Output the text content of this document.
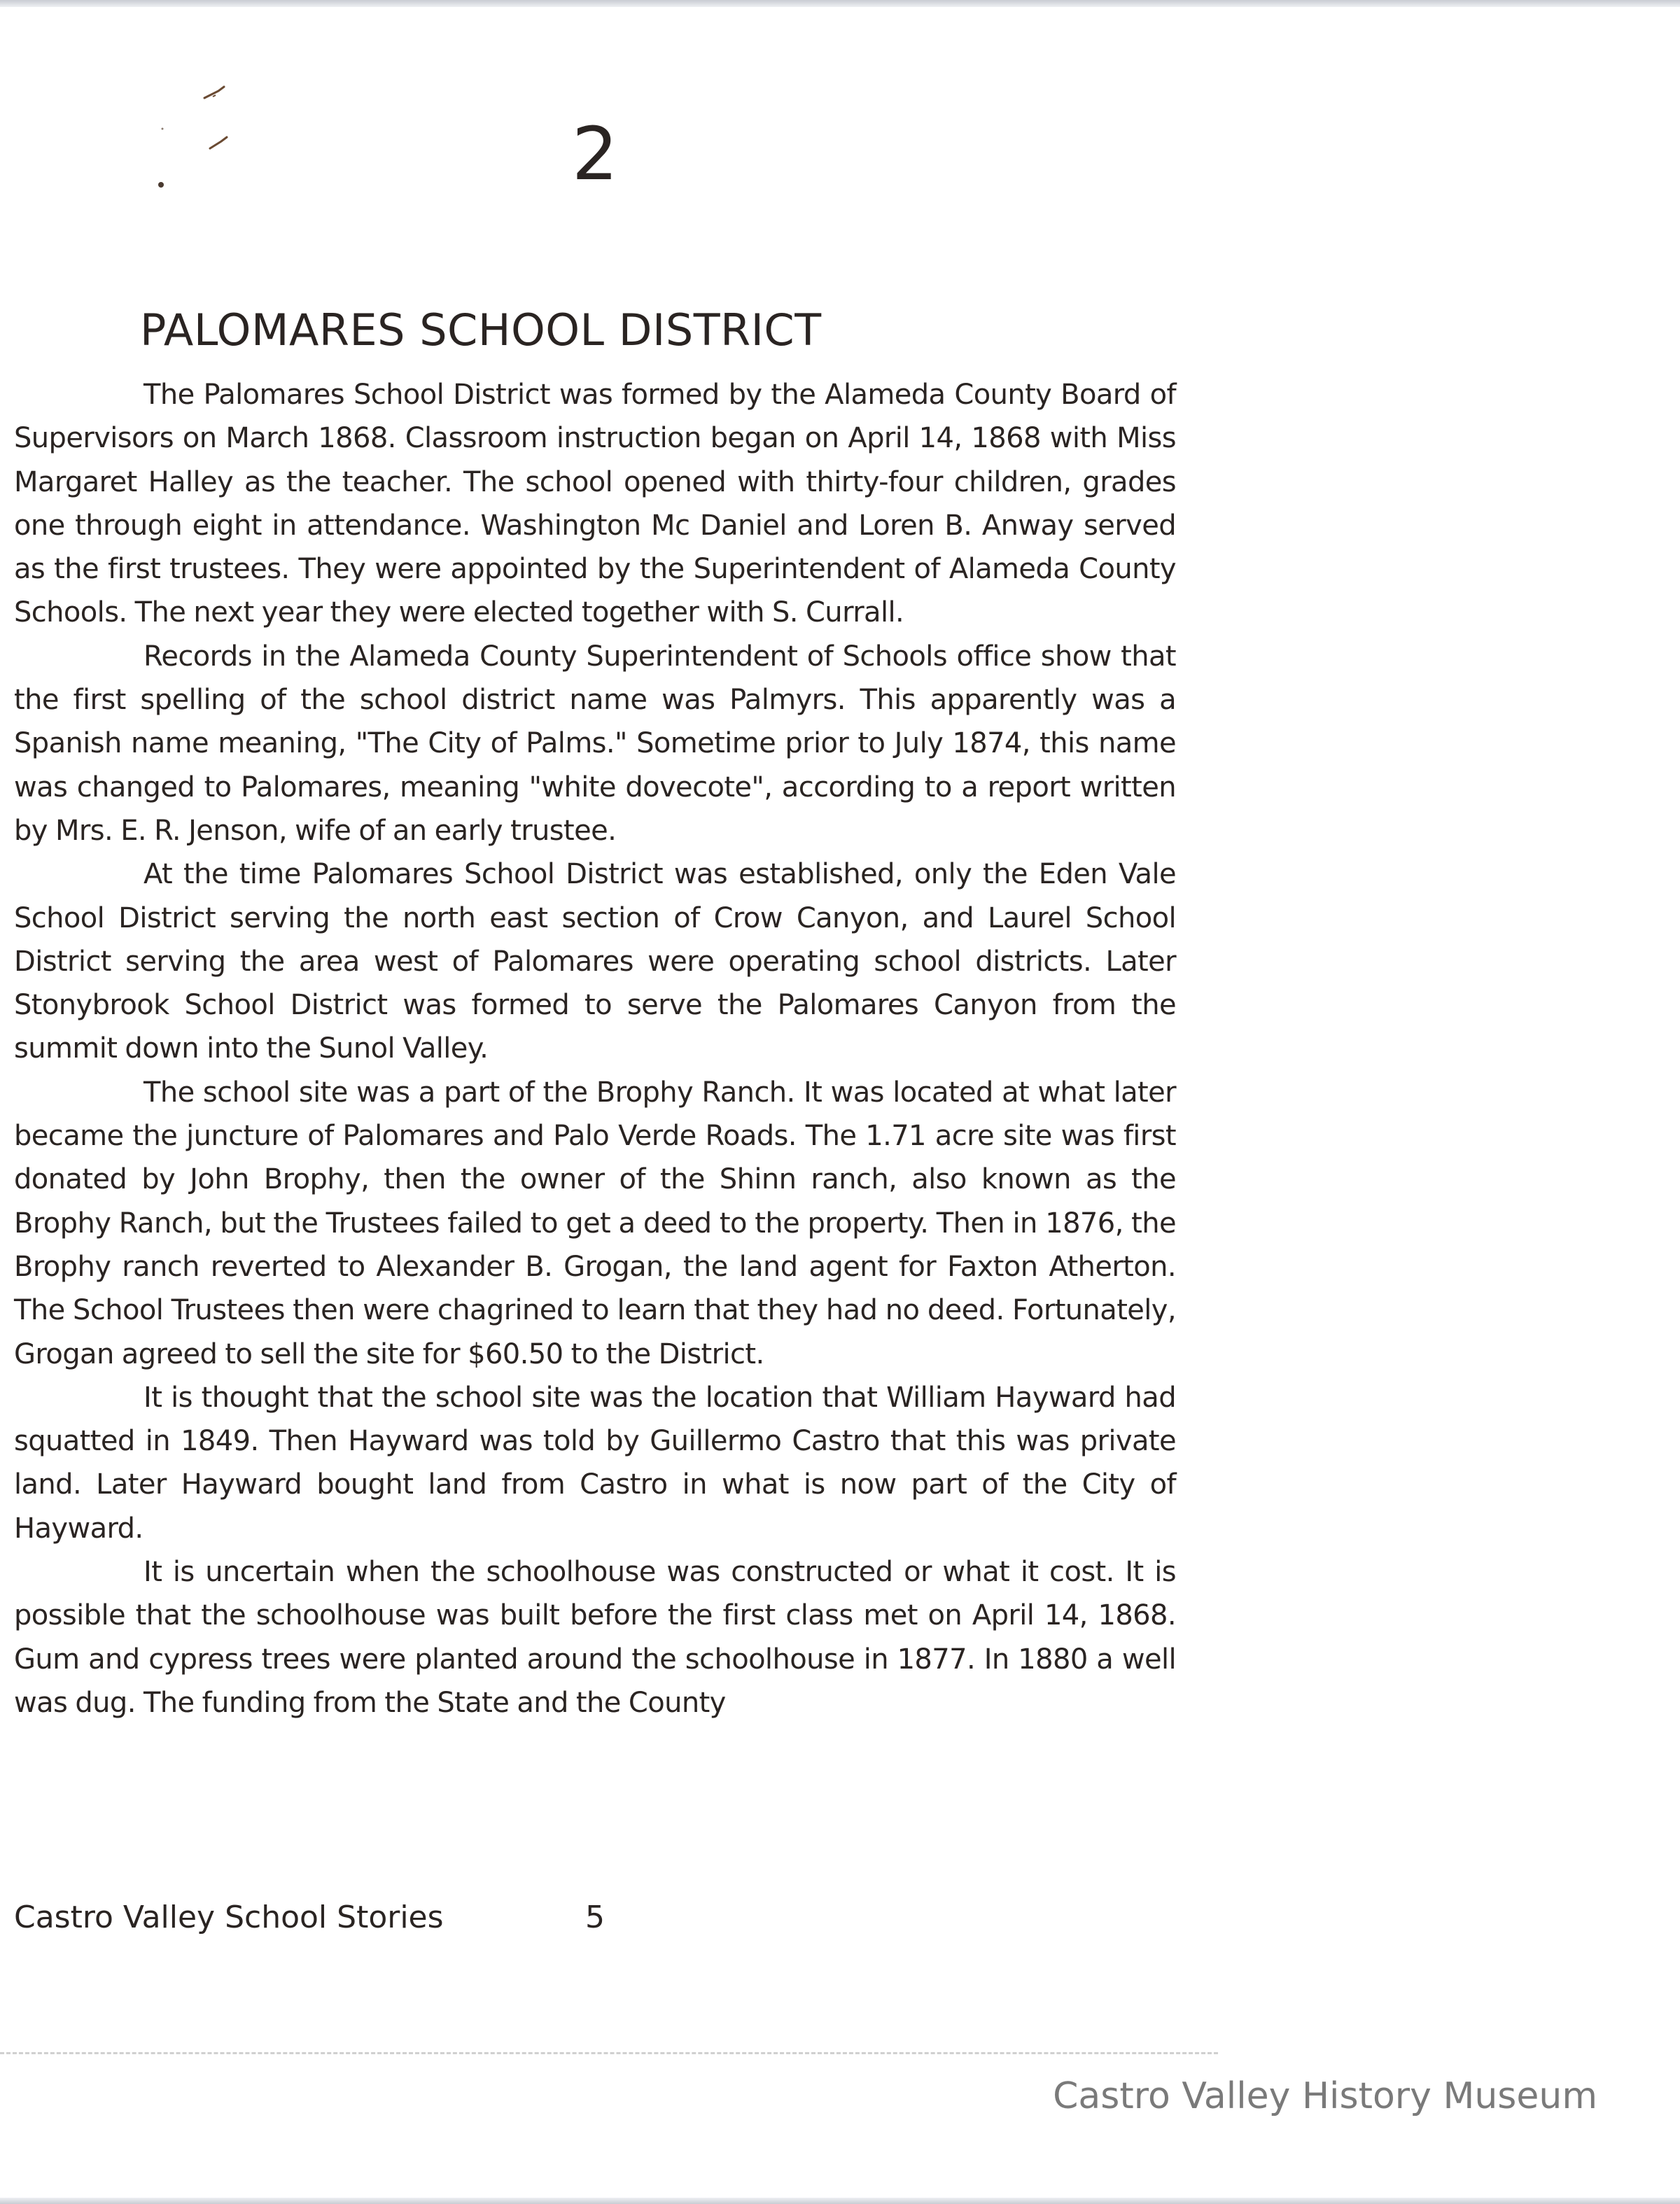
2
PALOMARES SCHOOL DISTRICT

The Palomares School District was formed by the Alameda County Board of Supervisors on March 1868. Classroom instruction began on April 14, 1868 with Miss Margaret Halley as the teacher. The school opened with thirty-four children, grades one through eight in attendance. Washington Mc Daniel and Loren B. Anway served as the first trustees. They were appointed by the Superintendent of Alameda County Schools. The next year they were elected together with S. Currall.

Records in the Alameda County Superintendent of Schools office show that the first spelling of the school district name was Palmyrs. This apparently was a Spanish name meaning, "The City of Palms." Sometime prior to July 1874, this name was changed to Palomares, meaning "white dovecote", according to a report written by Mrs. E. R. Jenson, wife of an early trustee.

At the time Palomares School District was established, only the Eden Vale School District serving the north east section of Crow Canyon, and Laurel School District serving the area west of Palomares were operating school districts. Later Stonybrook School District was formed to serve the Palomares Canyon from the summit down into the Sunol Valley.

The school site was a part of the Brophy Ranch. It was located at what later became the juncture of Palomares and Palo Verde Roads. The 1.71 acre site was first donated by John Brophy, then the owner of the Shinn ranch, also known as the Brophy Ranch, but the Trustees failed to get a deed to the property. Then in 1876, the Brophy ranch reverted to Alexander B. Grogan, the land agent for Faxton Atherton. The School Trustees then were chagrined to learn that they had no deed. Fortunately, Grogan agreed to sell the site for $60.50 to the District.

It is thought that the school site was the location that William Hayward had squatted in 1849. Then Hayward was told by Guillermo Castro that this was private land. Later Hayward bought land from Castro in what is now part of the City of Hayward.

It is uncertain when the schoolhouse was constructed or what it cost. It is possible that the schoolhouse was built before the first class met on April 14, 1868. Gum and cypress trees were planted around the schoolhouse in 1877. In 1880 a well was dug. The funding from the State and the County

Castro Valley School Stories	5
Castro Valley History Museum
